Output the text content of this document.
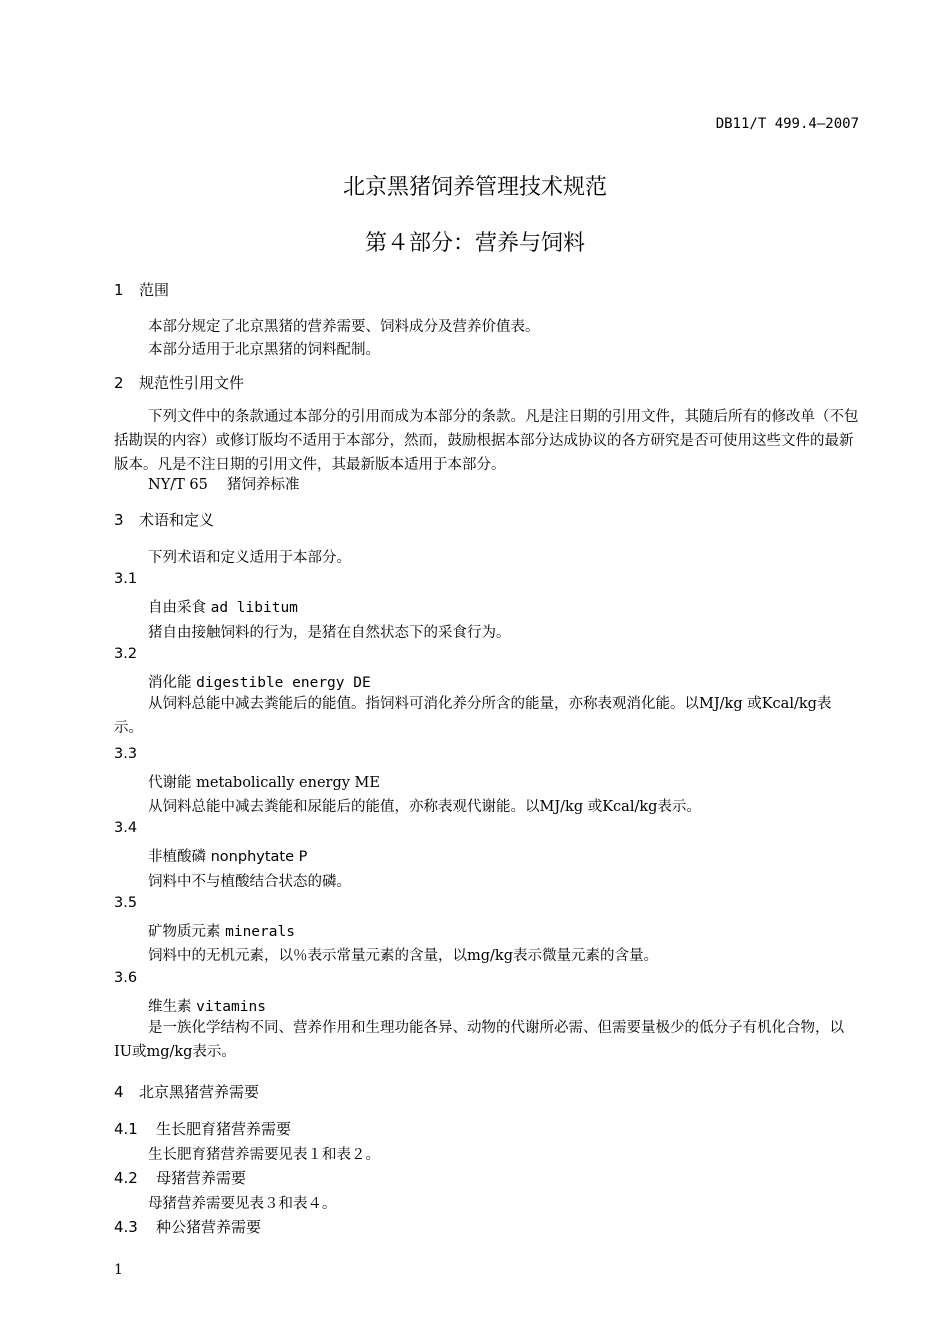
DB11/T 499.4—2007
北京黑猪饲养管理技术规范
第４部分：营养与饲料
1 范围
本部分规定了北京黑猪的营养需要、饲料成分及营养价值表。
本部分适用于北京黑猪的饲料配制。
2 规范性引用文件
下列文件中的条款通过本部分的引用而成为本部分的条款。凡是注日期的引用文件，其随后所有的修改单（不包括勘误的内容）或修订版均不适用于本部分，然而，鼓励根据本部分达成协议的各方研究是否可使用这些文件的最新版本。凡是不注日期的引用文件，其最新版本适用于本部分。
NY/T 65　 猪饲养标准
3 术语和定义
下列术语和定义适用于本部分。
3.1
自由采食 ad libitum
猪自由接触饲料的行为，是猪在自然状态下的采食行为。
3.2
消化能 digestible energy DE
从饲料总能中减去粪能后的能值。指饲料可消化养分所含的能量，亦称表观消化能。以MJ/kg 或Kcal/kg表示。
3.3
代谢能 metabolically energy ME
从饲料总能中减去粪能和尿能后的能值，亦称表观代谢能。以MJ/kg 或Kcal/kg表示。
3.4
非植酸磷 nonphytate P
饲料中不与植酸结合状态的磷。
3.5
矿物质元素 minerals
饲料中的无机元素，以％表示常量元素的含量，以mg/kg表示微量元素的含量。
3.6
维生素 vitamins
是一族化学结构不同、营养作用和生理功能各异、动物的代谢所必需、但需要量极少的低分子有机化合物，以IU或mg/kg表示。
4 北京黑猪营养需要
4.1 生长肥育猪营养需要
生长肥育猪营养需要见表１和表２。
4.2 母猪营养需要
母猪营养需要见表３和表４。
4.3 种公猪营养需要
1
